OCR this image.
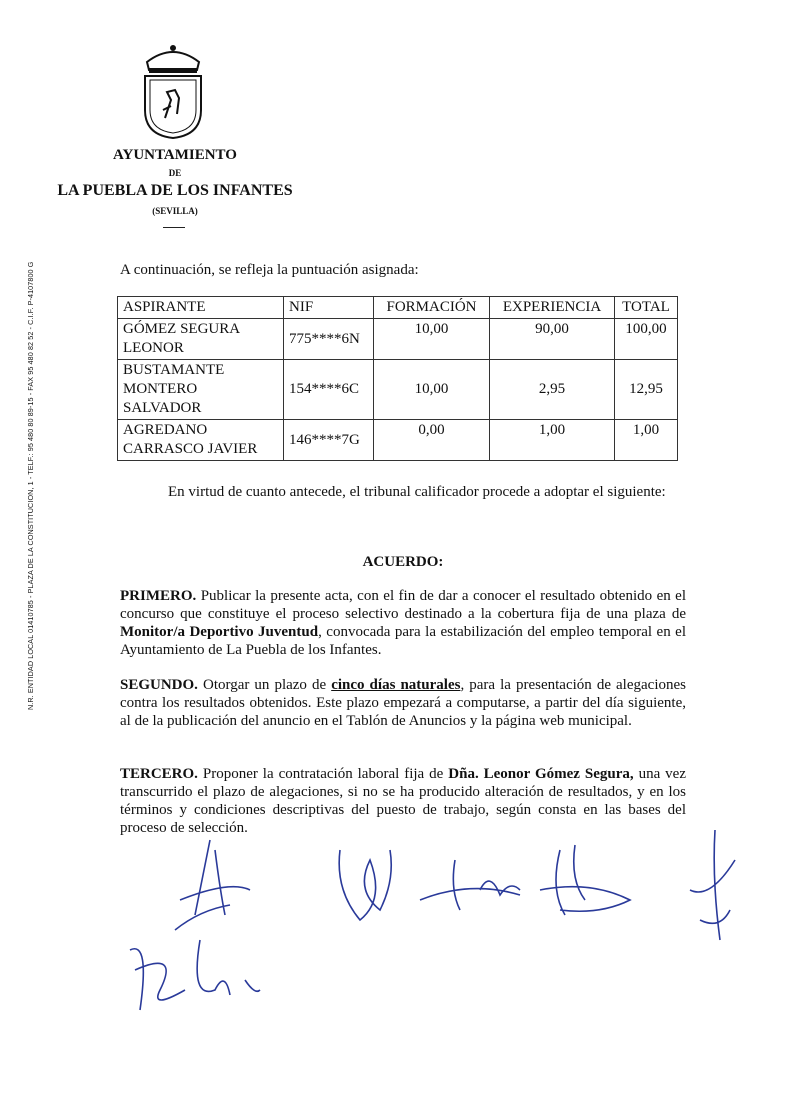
N.R. ENTIDAD LOCAL 01410785 - PLAZA DE LA CONSTITUCION, 1 - TELF.: 95 480 80 89-15 - FAX 95 480 82 52 - C.I.F. P-4107800 G
AYUNTAMIENTO
DE
LA PUEBLA DE LOS INFANTES
(SEVILLA)
A continuación, se refleja la puntuación asignada:
ASPIRANTE	NIF	FORMACIÓN	EXPERIENCIA	TOTAL
GÓMEZ SEGURA LEONOR	775****6N	10,00	90,00	100,00
BUSTAMANTE MONTERO SALVADOR	154****6C	10,00	2,95	12,95
AGREDANO CARRASCO JAVIER	146****7G	0,00	1,00	1,00
En virtud de cuanto antecede, el tribunal calificador procede a adoptar el siguiente:
ACUERDO:
PRIMERO. Publicar la presente acta, con el fin de dar a conocer el resultado obtenido en el concurso que constituye el proceso selectivo destinado a la cobertura fija de una plaza de Monitor/a Deportivo Juventud, convocada para la estabilización del empleo temporal en el Ayuntamiento de La Puebla de los Infantes.
SEGUNDO. Otorgar un plazo de cinco días naturales, para la presentación de alegaciones contra los resultados obtenidos. Este plazo empezará a computarse, a partir del día siguiente, al de la publicación del anuncio en el Tablón de Anuncios y la página web municipal.
TERCERO. Proponer la contratación laboral fija de Dña. Leonor Gómez Segura, una vez transcurrido el plazo de alegaciones, si no se ha producido alteración de resultados, y en los términos y condiciones descriptivas del puesto de trabajo, según consta en las bases del proceso de selección.
